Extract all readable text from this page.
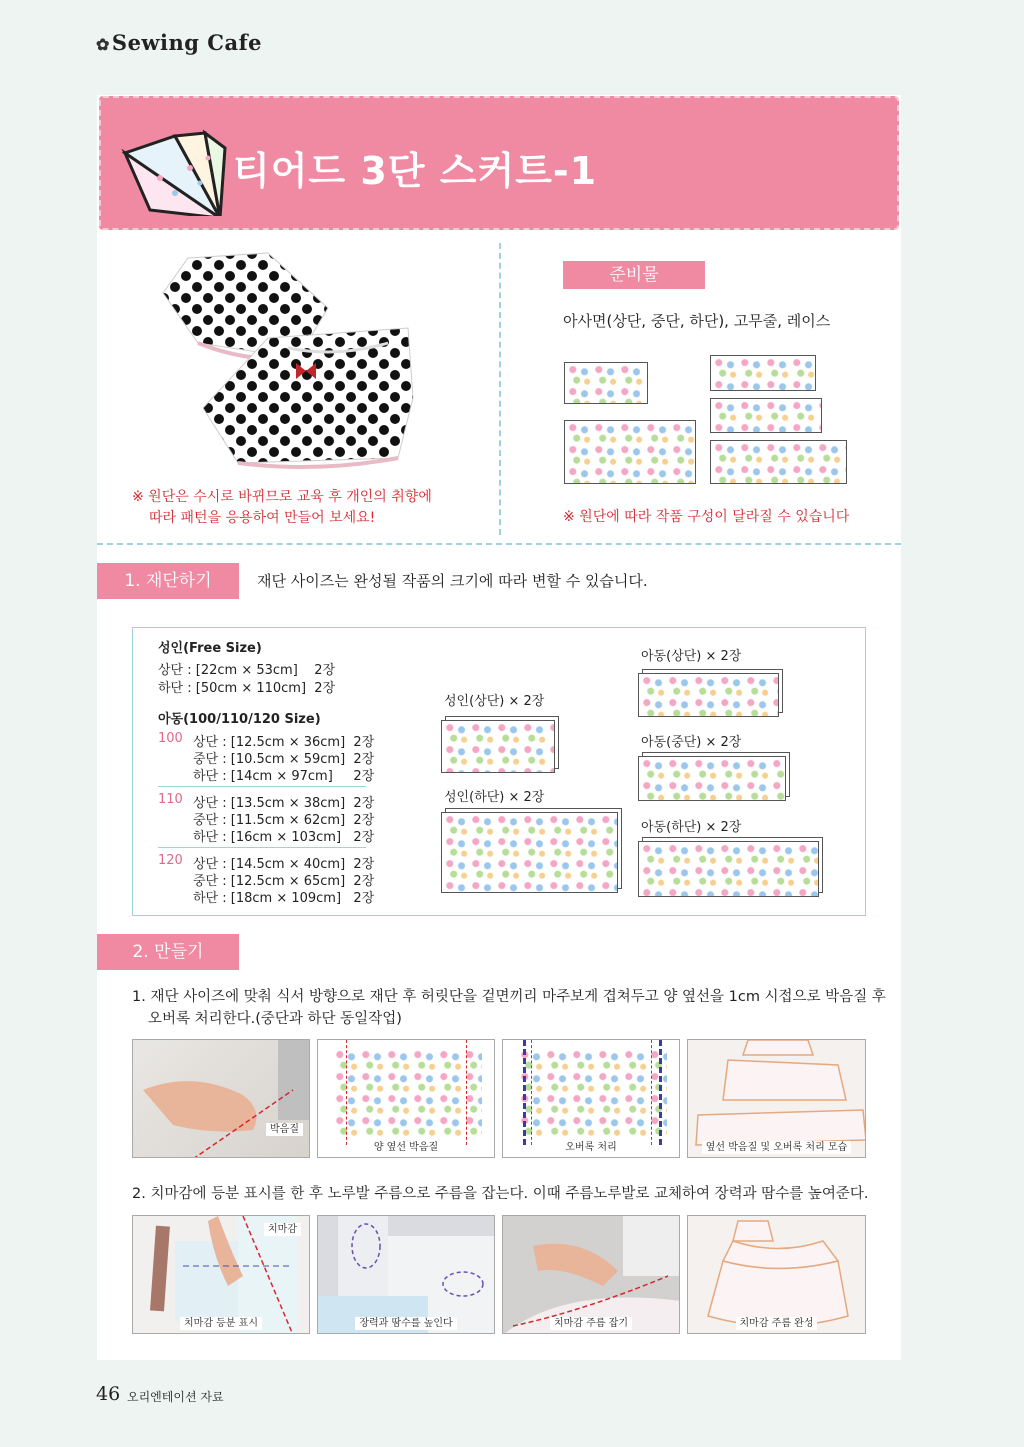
✿Sewing Cafe
티어드 3단 스커트-1
※ 원단은 수시로 바뀌므로 교육 후 개인의 취향에
따라 패턴을 응용하여 만들어 보세요!
준비물
아사면(상단, 중단, 하단), 고무줄, 레이스
※ 원단에 따라 작품 구성이 달라질 수 있습니다
1. 재단하기	재단 사이즈는 완성될 작품의 크기에 따라 변할 수 있습니다.
성인(Free Size)
상단 : [22cm × 53cm]    2장
하단 : [50cm × 110cm]  2장
아동(100/110/120 Size)
100 상단 : [12.5cm × 36cm]  2장
중단 : [10.5cm × 59cm]  2장
하단 : [14cm × 97cm]     2장
110 상단 : [13.5cm × 38cm]  2장
중단 : [11.5cm × 62cm]  2장
하단 : [16cm × 103cm]   2장
120 상단 : [14.5cm × 40cm]  2장
중단 : [12.5cm × 65cm]  2장
하단 : [18cm × 109cm]   2장
성인(상단) × 2장
성인(하단) × 2장
아동(상단) × 2장
아동(중단) × 2장
아동(하단) × 2장
2. 만들기
1. 재단 사이즈에 맞춰 식서 방향으로 재단 후 허릿단을 겉면끼리 마주보게 겹쳐두고 양 옆선을 1cm 시접으로 박음질 후
오버록 처리한다.(중단과 하단 동일작업)
박음질
양 옆선 박음질	오버록 처리	옆선 박음질 및 오버록 처리 모습
2. 치마감에 등분 표시를 한 후 노루발 주름으로 주름을 잡는다. 이때 주름노루발로 교체하여 장력과 땀수를 높여준다.
치마감
치마감 등분 표시	장력과 땀수를 높인다	치마감 주름 잡기	치마감 주름 완성
46 오리엔테이션 자료
